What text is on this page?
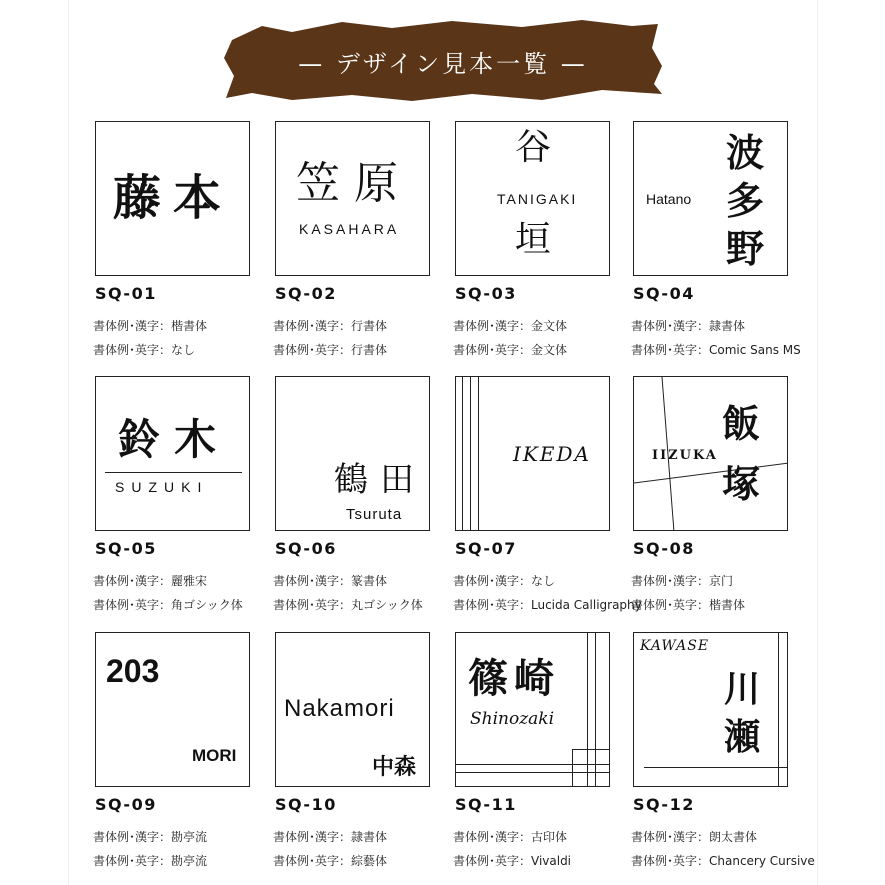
— デザイン見本一覧 —
藤本
SQ-01
書体例･漢字：楷書体
書体例･英字：なし
笠原
KASAHARA
SQ-02
書体例･漢字：行書体
書体例･英字：行書体
谷
TANIGAKI
垣
SQ-03
書体例･漢字：金文体
書体例･英字：金文体
波
多
野
Hatano
SQ-04
書体例･漢字：隷書体
書体例･英字：Comic Sans MS
鈴木
SUZUKI
SQ-05
書体例･漢字：麗雅宋
書体例･英字：角ゴシック体
鶴 田
Tsuruta
SQ-06
書体例･漢字：篆書体
書体例･英字：丸ゴシック体
IKEDA
SQ-07
書体例･漢字：なし
書体例･英字：Lucida Calligraphy
IIZUKA
飯
塚
SQ-08
書体例･漢字：京门
書体例･英字：楷書体
203
MORI
SQ-09
書体例･漢字：勘亭流
書体例･英字：勘亭流
Nakamori
中森
SQ-10
書体例･漢字：隷書体
書体例･英字：綜藝体
篠崎
Shinozaki
SQ-11
書体例･漢字：古印体
書体例･英字：Vivaldi
KAWASE
川
瀬
SQ-12
書体例･漢字：朗太書体
書体例･英字：Chancery Cursive
